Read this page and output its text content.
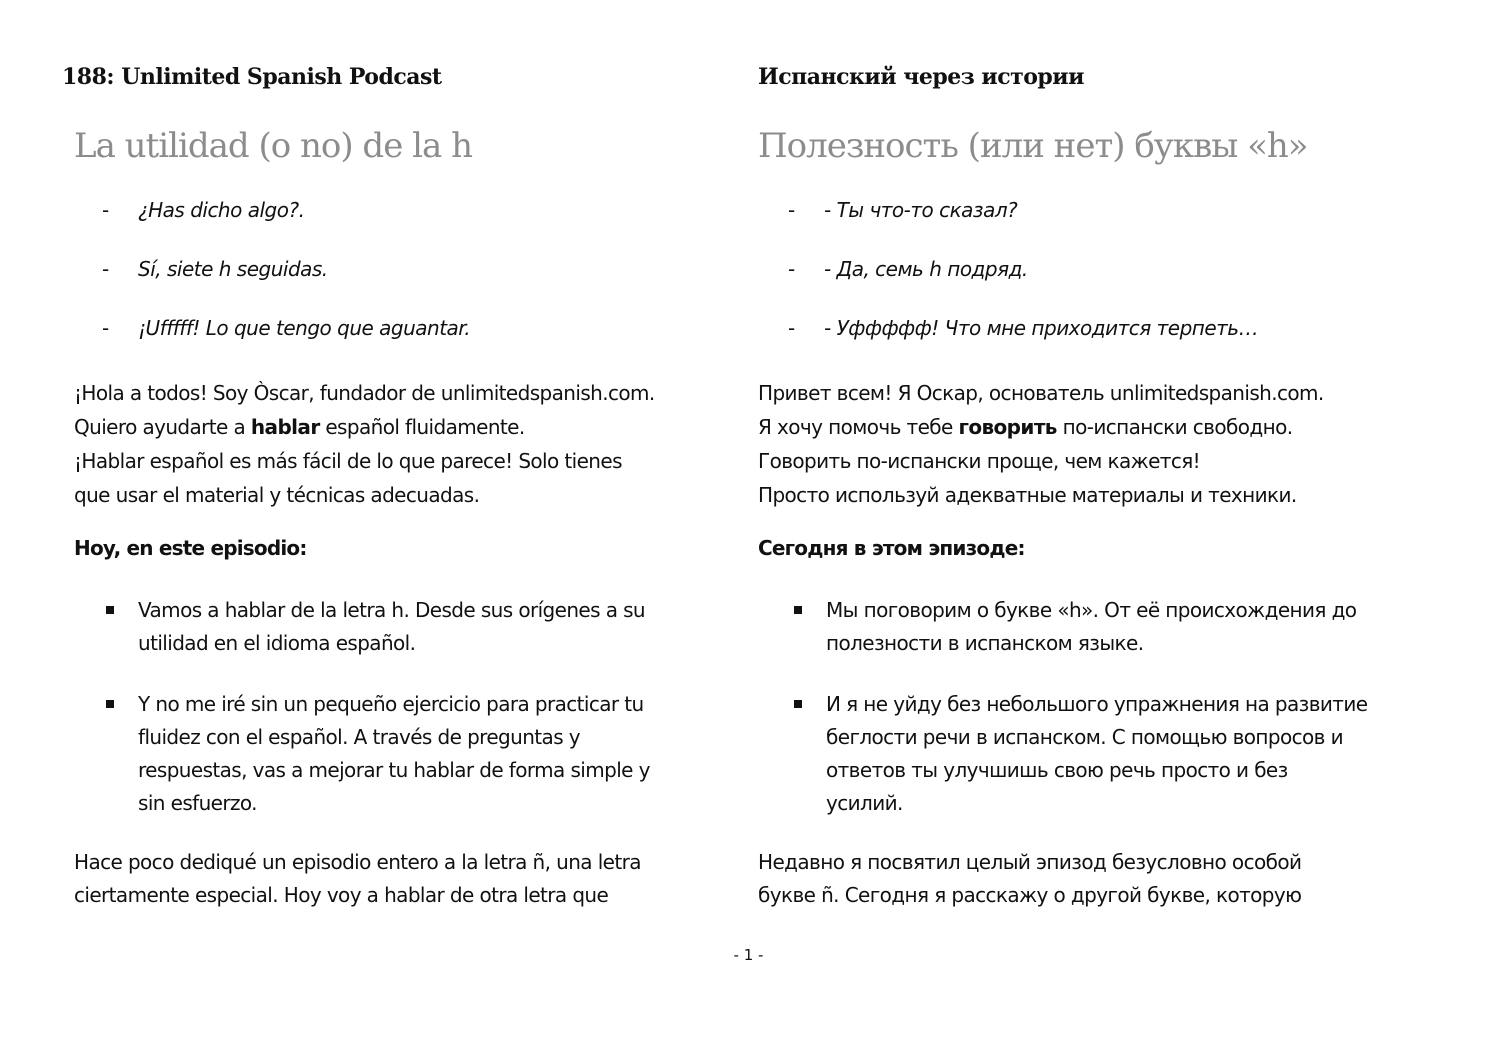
188: Unlimited Spanish Podcast
La utilidad (o no) de la h
- ¿Has dicho algo?.
- Sí, siete h seguidas.
- ¡Ufffff! Lo que tengo que aguantar.
¡Hola a todos! Soy Òscar, fundador de unlimitedspanish.com.
Quiero ayudarte a hablar español fluidamente.
¡Hablar español es más fácil de lo que parece! Solo tienes
que usar el material y técnicas adecuadas.
Hoy, en este episodio:
Vamos a hablar de la letra h. Desde sus orígenes a su
utilidad en el idioma español.
Y no me iré sin un pequeño ejercicio para practicar tu
fluidez con el español. A través de preguntas y
respuestas, vas a mejorar tu hablar de forma simple y
sin esfuerzo.
Hace poco dediqué un episodio entero a la letra ñ, una letra
ciertamente especial. Hoy voy a hablar de otra letra que
Испанский через истории
Полезность (или нет) буквы «h»
- - Ты что-то сказал?
- - Да, семь h подряд.
- - Уффффф! Что мне приходится терпеть…
Привет всем! Я Оскар, основатель unlimitedspanish.com.
Я хочу помочь тебе говорить по-испански свободно.
Говорить по-испански проще, чем кажется!
Просто используй адекватные материалы и техники.
Сегодня в этом эпизоде:
Мы поговорим о букве «h». От её происхождения до
полезности в испанском языке.
И я не уйду без небольшого упражнения на развитие
беглости речи в испанском. С помощью вопросов и
ответов ты улучшишь свою речь просто и без
усилий.
Недавно я посвятил целый эпизод безусловно особой
букве ñ. Сегодня я расскажу о другой букве, которую
- 1 -
